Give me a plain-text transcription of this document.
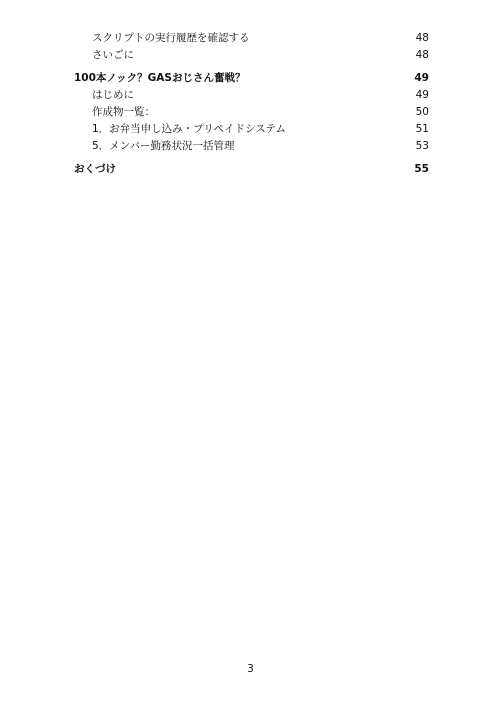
スクリプトの実行履歴を確認する	48
さいごに	48
100本ノック？GASおじさん奮戦？	49
はじめに	49
作成物一覧：	50
1．お弁当申し込み・プリペイドシステム	51
5．メンバー勤務状況一括管理	53
おくづけ	55
3
